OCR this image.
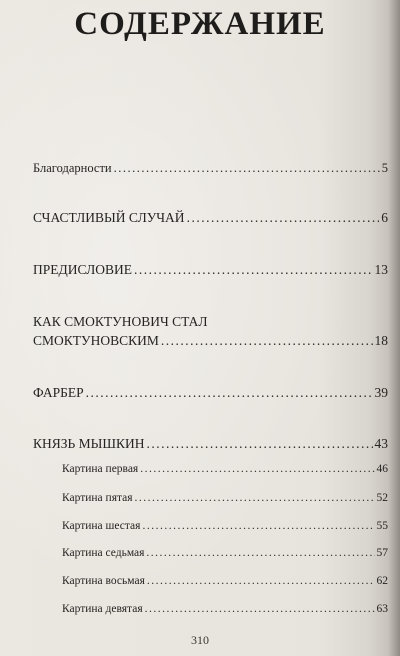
СОДЕРЖАНИЕ
Благодарности .....	5
СЧАСТЛИВЫЙ СЛУЧАЙ .....	6
ПРЕДИСЛОВИЕ .....	13
КАК СМОКТУНОВИЧ СТАЛ
СМОКТУНОВСКИМ .....	18
ФАРБЕР .....	39
КНЯЗЬ МЫШКИН .....	43
Картина первая .....	46
Картина пятая .....	52
Картина шестая .....	55
Картина седьмая .....	57
Картина восьмая .....	62
Картина девятая .....	63
310
